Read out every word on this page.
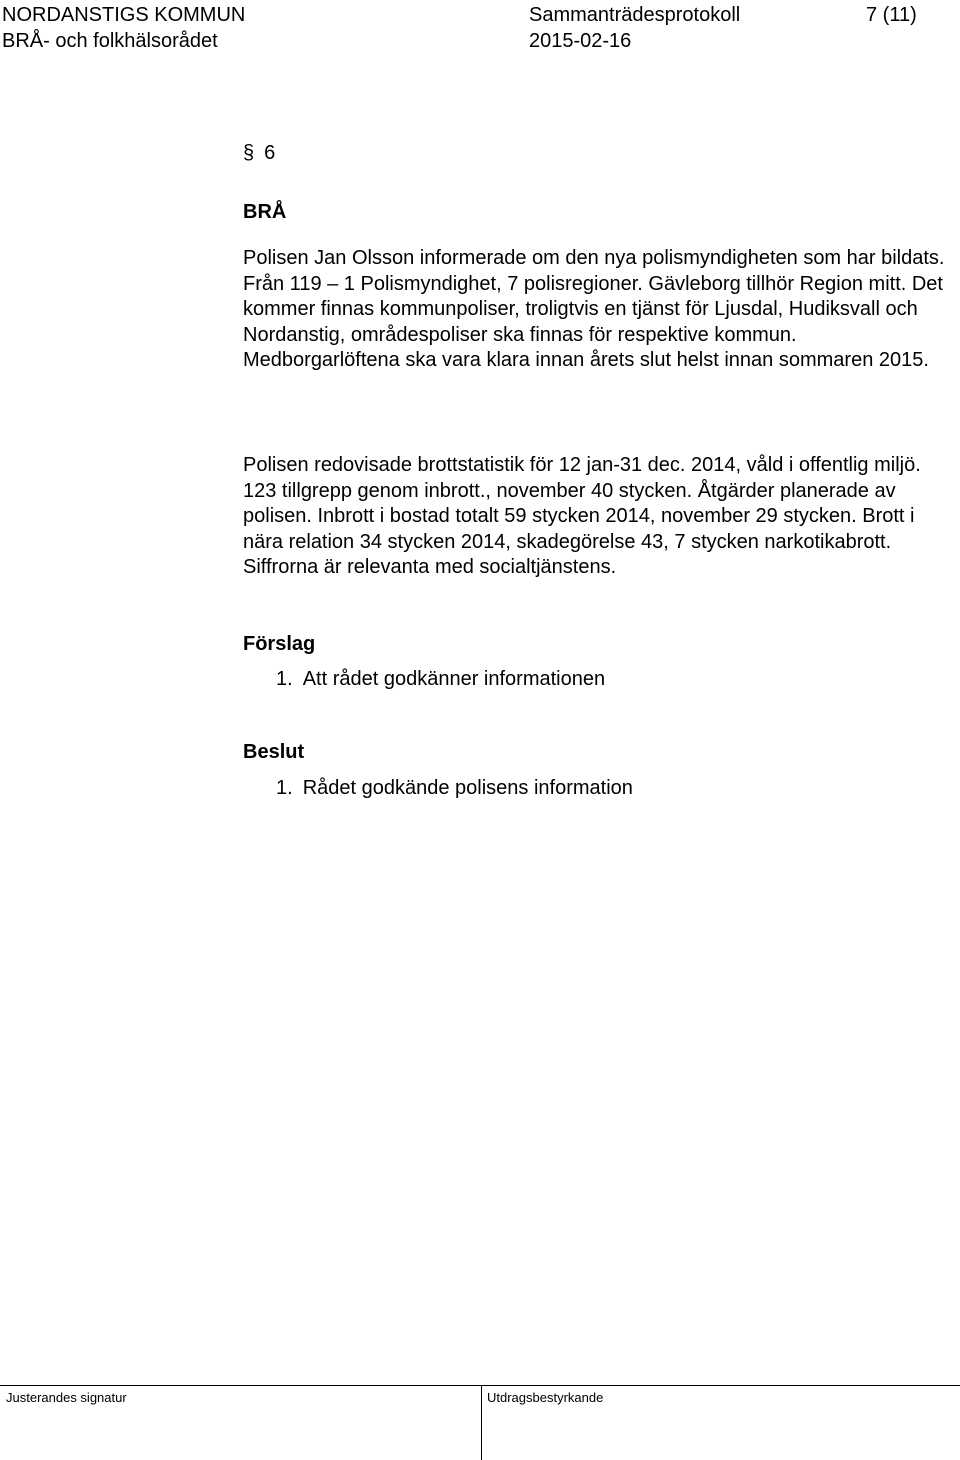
NORDANSTIGS KOMMUN	Sammanträdesprotokoll	7 (11)
BRÅ- och folkhälsorådet	2015-02-16
§ 6
BRÅ

Polisen Jan Olsson informerade om den nya polismyndigheten som har bildats. Från 119 – 1 Polismyndighet, 7 polisregioner. Gävleborg tillhör Region mitt. Det kommer finnas kommunpoliser, troligtvis en tjänst för Ljusdal, Hudiksvall och Nordanstig, områdespoliser ska finnas för respektive kommun.

Medborgarlöftena ska vara klara innan årets slut helst innan sommaren 2015.

Polisen redovisade brottstatistik för 12 jan-31 dec. 2014, våld i offentlig miljö. 123 tillgrepp genom inbrott., november 40 stycken. Åtgärder planerade av polisen. Inbrott i bostad totalt 59 stycken 2014, november 29 stycken. Brott i nära relation 34 stycken 2014, skadegörelse 43, 7 stycken narkotikabrott. Siffrorna är relevanta med socialtjänstens.

Förslag
1. Att rådet godkänner informationen
Beslut
1. Rådet godkände polisens information
Justerandes signatur	Utdragsbestyrkande
